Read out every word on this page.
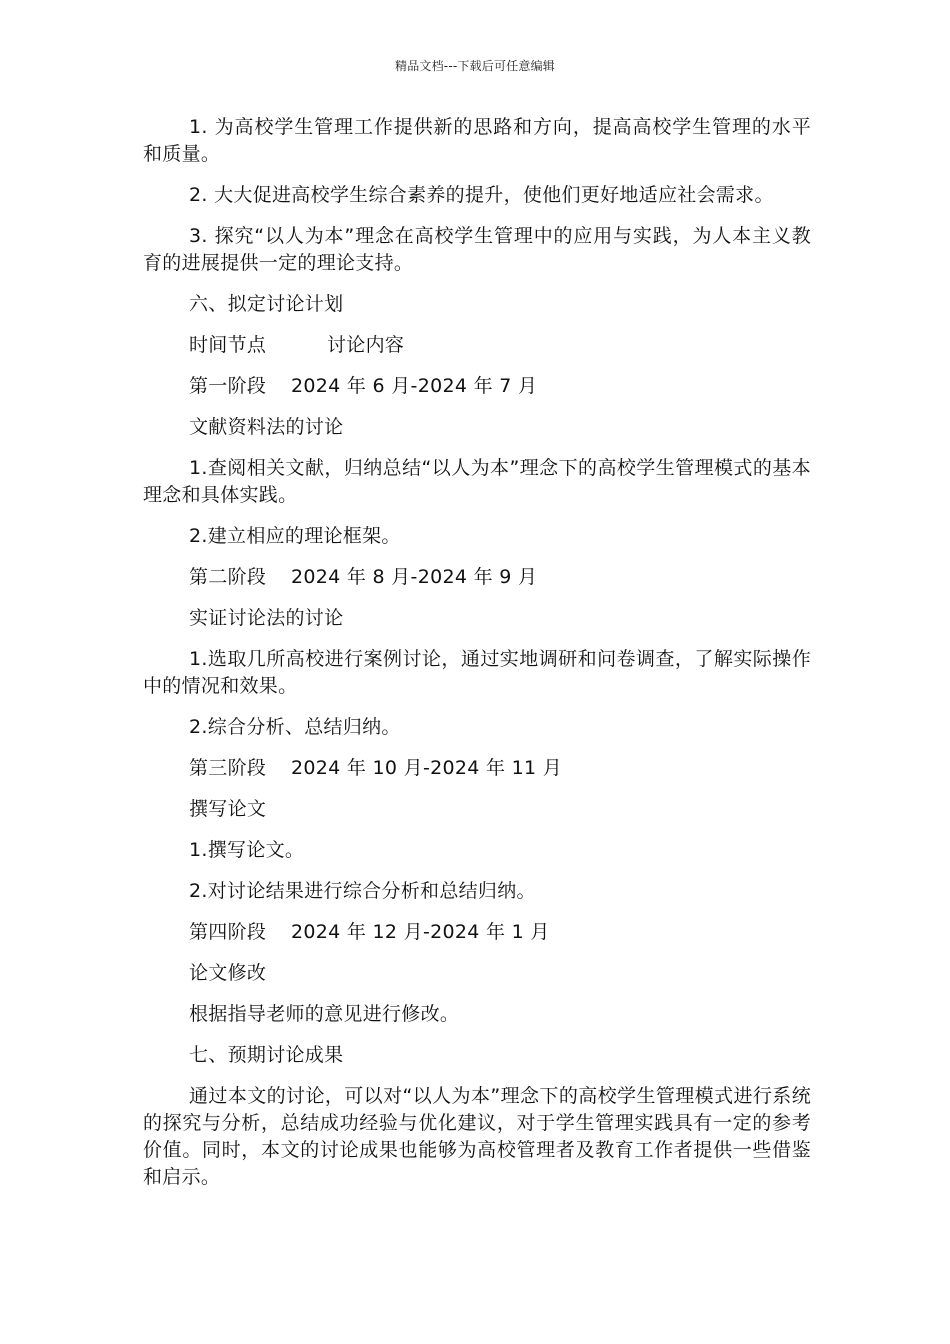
精品文档---下载后可任意编辑

1. 为高校学生管理工作提供新的思路和方向，提高高校学生管理的水平和质量。

2. 大大促进高校学生综合素养的提升，使他们更好地适应社会需求。

3. 探究“以人为本”理念在高校学生管理中的应用与实践，为人本主义教育的进展提供一定的理论支持。

六、拟定讨论计划

时间节点	讨论内容
第一阶段 2024 年 6 月-2024 年 7 月

文献资料法的讨论

1.查阅相关文献，归纳总结“以人为本”理念下的高校学生管理模式的基本理念和具体实践。

2.建立相应的理论框架。

第二阶段 2024 年 8 月-2024 年 9 月

实证讨论法的讨论

1.选取几所高校进行案例讨论，通过实地调研和问卷调查，了解实际操作中的情况和效果。

2.综合分析、总结归纳。

第三阶段 2024 年 10 月-2024 年 11 月

撰写论文

1.撰写论文。

2.对讨论结果进行综合分析和总结归纳。

第四阶段 2024 年 12 月-2024 年 1 月

论文修改

根据指导老师的意见进行修改。

七、预期讨论成果

通过本文的讨论，可以对“以人为本”理念下的高校学生管理模式进行系统的探究与分析，总结成功经验与优化建议，对于学生管理实践具有一定的参考价值。同时，本文的讨论成果也能够为高校管理者及教育工作者提供一些借鉴和启示。
